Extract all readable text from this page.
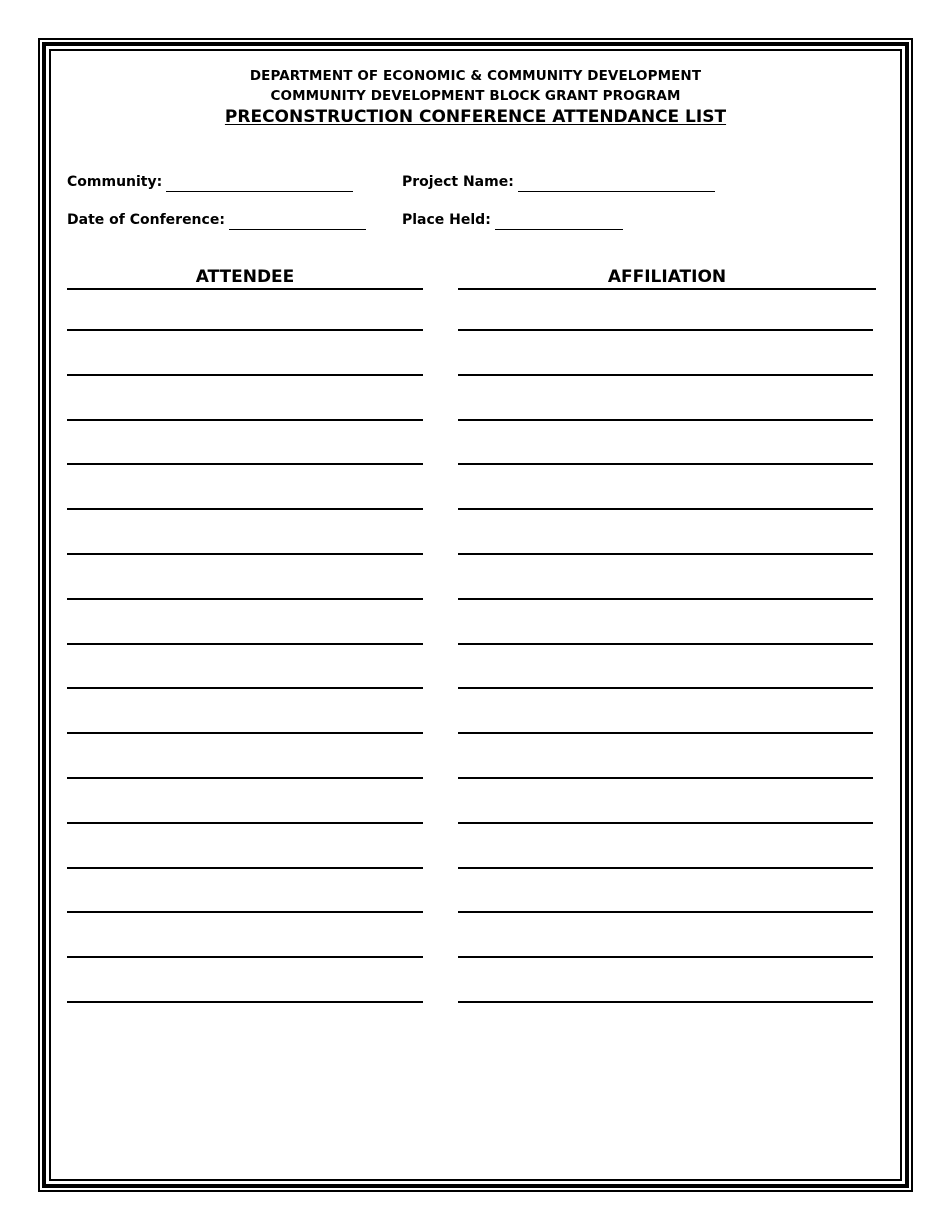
DEPARTMENT OF ECONOMIC & COMMUNITY DEVELOPMENT
COMMUNITY DEVELOPMENT BLOCK GRANT PROGRAM
PRECONSTRUCTION CONFERENCE ATTENDANCE LIST
Community:	Project Name:
Date of Conference:	Place Held:
ATTENDEE	AFFILIATION
